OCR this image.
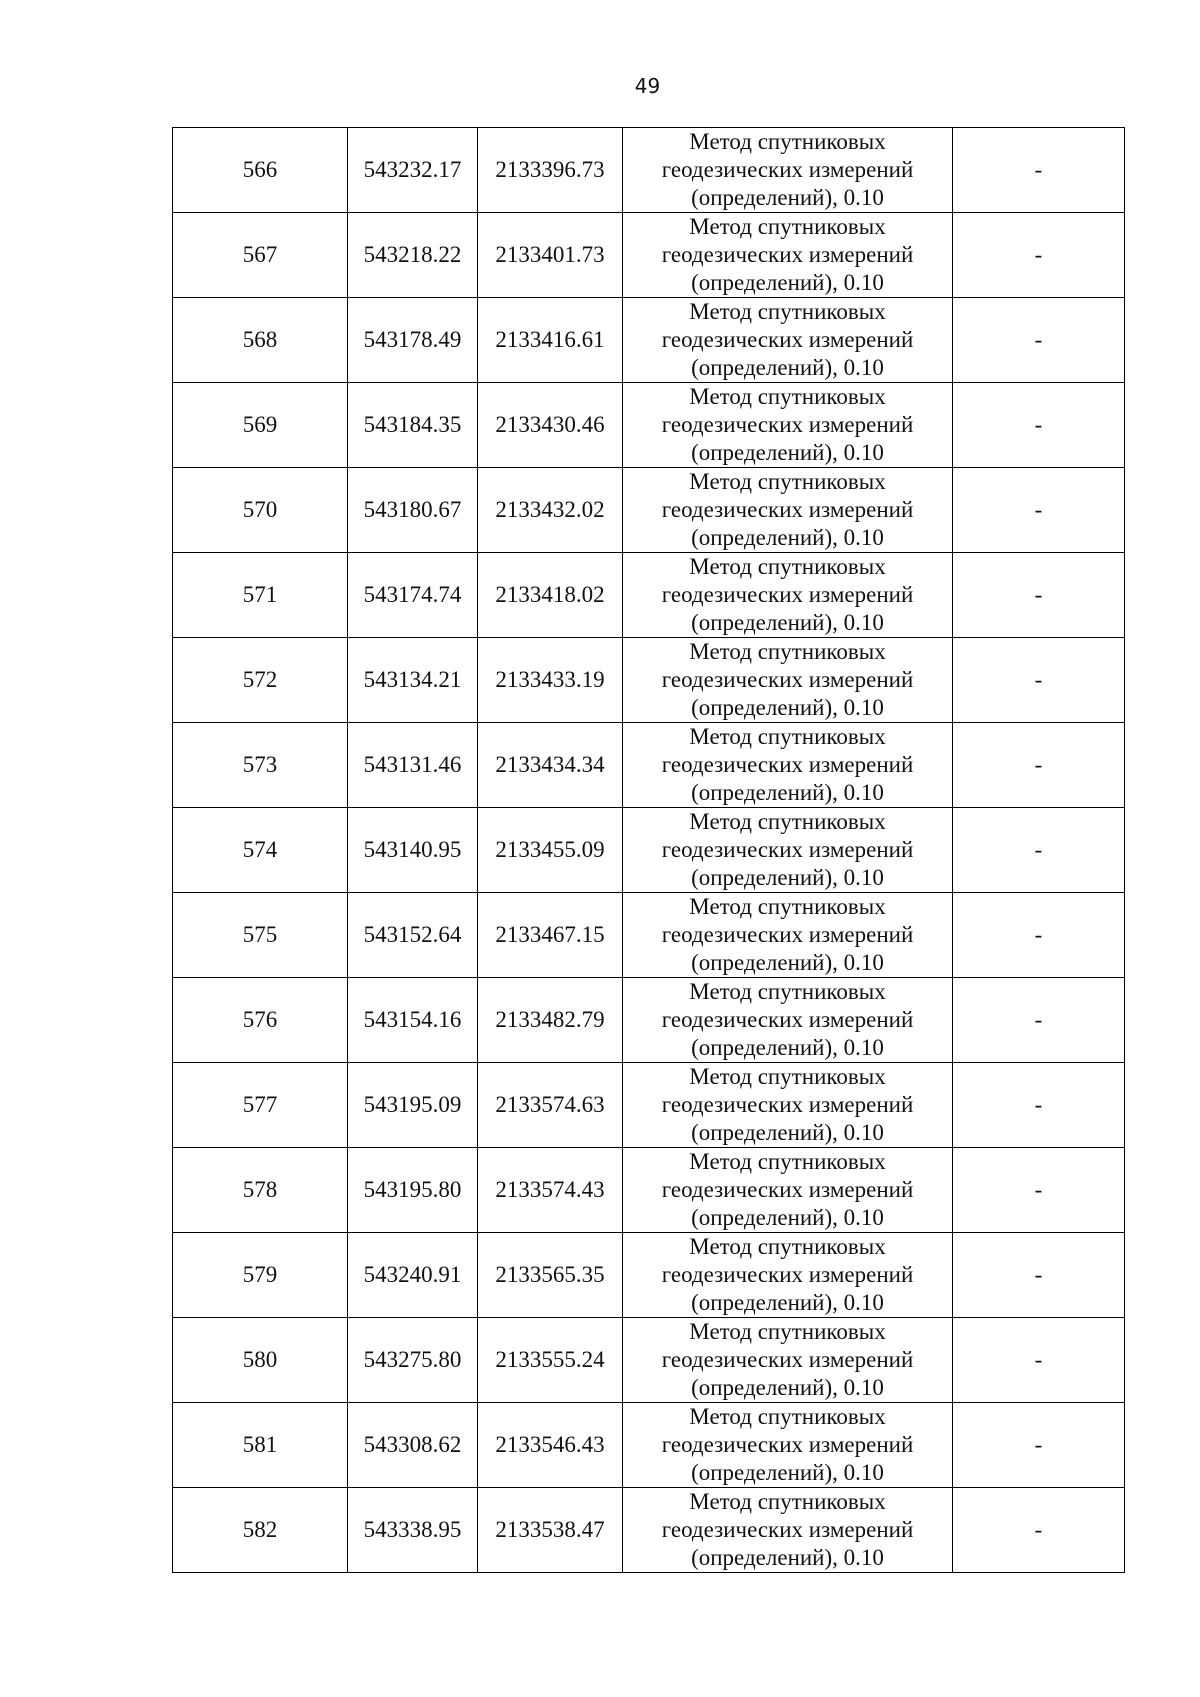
49
566	543232.17	2133396.73	Метод спутниковых
геодезических измерений
(определений), 0.10	-
567	543218.22	2133401.73	Метод спутниковых
геодезических измерений
(определений), 0.10	-
568	543178.49	2133416.61	Метод спутниковых
геодезических измерений
(определений), 0.10	-
569	543184.35	2133430.46	Метод спутниковых
геодезических измерений
(определений), 0.10	-
570	543180.67	2133432.02	Метод спутниковых
геодезических измерений
(определений), 0.10	-
571	543174.74	2133418.02	Метод спутниковых
геодезических измерений
(определений), 0.10	-
572	543134.21	2133433.19	Метод спутниковых
геодезических измерений
(определений), 0.10	-
573	543131.46	2133434.34	Метод спутниковых
геодезических измерений
(определений), 0.10	-
574	543140.95	2133455.09	Метод спутниковых
геодезических измерений
(определений), 0.10	-
575	543152.64	2133467.15	Метод спутниковых
геодезических измерений
(определений), 0.10	-
576	543154.16	2133482.79	Метод спутниковых
геодезических измерений
(определений), 0.10	-
577	543195.09	2133574.63	Метод спутниковых
геодезических измерений
(определений), 0.10	-
578	543195.80	2133574.43	Метод спутниковых
геодезических измерений
(определений), 0.10	-
579	543240.91	2133565.35	Метод спутниковых
геодезических измерений
(определений), 0.10	-
580	543275.80	2133555.24	Метод спутниковых
геодезических измерений
(определений), 0.10	-
581	543308.62	2133546.43	Метод спутниковых
геодезических измерений
(определений), 0.10	-
582	543338.95	2133538.47	Метод спутниковых
геодезических измерений
(определений), 0.10	-
